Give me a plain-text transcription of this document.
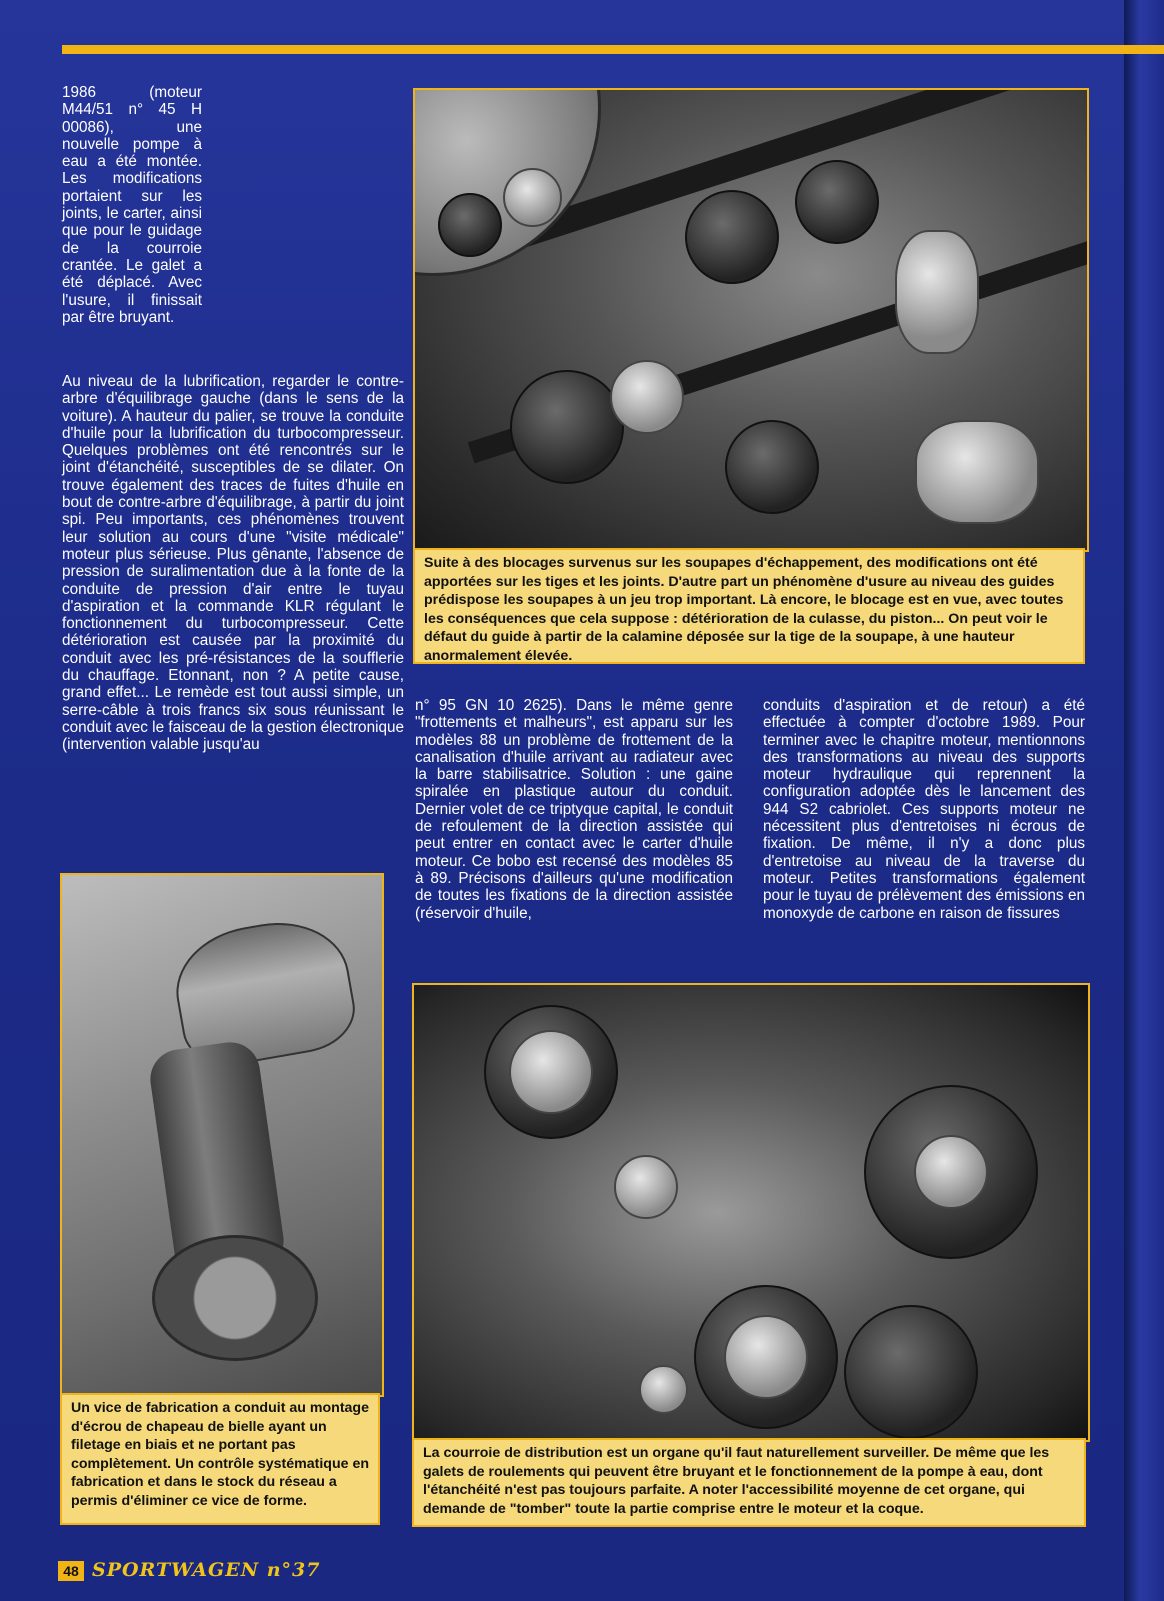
1986 (moteur M44/51 n° 45 H 00086), une nouvelle pompe à eau a été montée. Les modifications portaient sur les joints, le carter, ainsi que pour le guidage de la courroie crantée. Le galet a été déplacé. Avec l'usure, il finissait par être bruyant.

Au niveau de la lubrification, regarder le contre-arbre d'équilibrage gauche (dans le sens de la voiture). A hauteur du palier, se trouve la conduite d'huile pour la lubrification du turbocompresseur. Quelques problèmes ont été rencontrés sur le joint d'étanchéité, susceptibles de se dilater. On trouve également des traces de fuites d'huile en bout de contre-arbre d'équilibrage, à partir du joint spi. Peu importants, ces phénomènes trouvent leur solution au cours d'une "visite médicale" moteur plus sérieuse. Plus gênante, l'absence de pression de suralimentation due à la fonte de la conduite de pression d'air entre le tuyau d'aspiration et la commande KLR régulant le fonctionnement du turbocompresseur. Cette détérioration est causée par la proximité du conduit avec les pré-résistances de la soufflerie du chauffage. Etonnant, non ? A petite cause, grand effet... Le remède est tout aussi simple, un serre-câble à trois francs six sous réunissant le conduit avec le faisceau de la gestion électronique (intervention valable jusqu'au

Suite à des blocages survenus sur les soupapes d'échappement, des modifications ont été apportées sur les tiges et les joints. D'autre part un phénomène d'usure au niveau des guides prédispose les soupapes à un jeu trop important. Là encore, le blocage est en vue, avec toutes les conséquences que cela suppose : détérioration de la culasse, du piston... On peut voir le défaut du guide à partir de la calamine déposée sur la tige de la soupape, à une hauteur anormalement élevée.

n° 95 GN 10 2625). Dans le même genre "frottements et malheurs", est apparu sur les modèles 88 un problème de frottement de la canalisation d'huile arrivant au radiateur avec la barre stabilisatrice. Solution : une gaine spiralée en plastique autour du conduit. Dernier volet de ce triptyque capital, le conduit de refoulement de la direction assistée qui peut entrer en contact avec le carter d'huile moteur. Ce bobo est recensé des modèles 85 à 89. Précisons d'ailleurs qu'une modification de toutes les fixations de la direction assistée (réservoir d'huile,

conduits d'aspiration et de retour) a été effectuée à compter d'octobre 1989. Pour terminer avec le chapitre moteur, mentionnons des transformations au niveau des supports moteur hydraulique qui reprennent la configuration adoptée dès le lancement des 944 S2 cabriolet. Ces supports moteur ne nécessitent plus d'entretoises ni écrous de fixation. De même, il n'y a donc plus d'entretoise au niveau de la traverse du moteur. Petites transformations également pour le tuyau de prélèvement des émissions en monoxyde de carbone en raison de fissures

Un vice de fabrication a conduit au montage d'écrou de chapeau de bielle ayant un filetage en biais et ne portant pas complètement. Un contrôle systématique en fabrication et dans le stock du réseau a permis d'éliminer ce vice de forme.
La courroie de distribution est un organe qu'il faut naturellement surveiller. De même que les galets de roulements qui peuvent être bruyant et le fonctionnement de la pompe à eau, dont l'étanchéité n'est pas toujours parfaite. A noter l'accessibilité moyenne de cet organe, qui demande de "tomber" toute la partie comprise entre le moteur et la coque.
48 SPORTWAGEN n°37
